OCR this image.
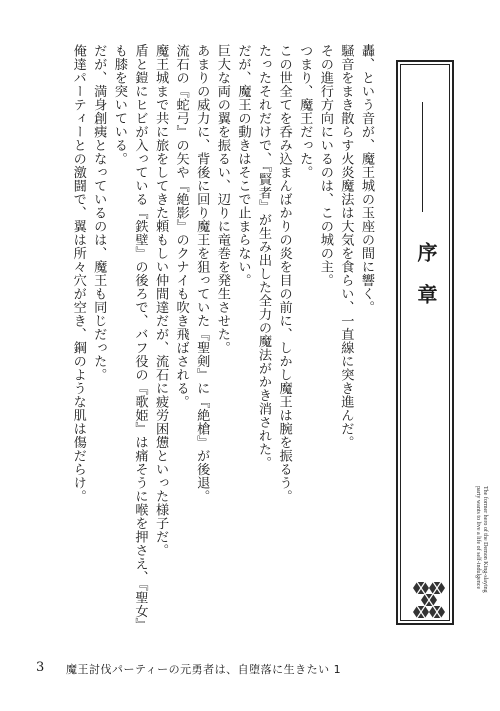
轟、という音が、魔王城の玉座の間に響く。
騒音をまき散らす火炎魔法は大気を食らい、一直線に突き進んだ。
その進行方向にいるのは、この城の主。
つまり、魔王だった。
この世全てを呑み込まんばかりの炎を目の前に、しかし魔王は腕を振るう。
たったそれだけで、『賢者』が生み出した全力の魔法がかき消された。
だが、魔王の動きはそこで止まらない。
巨大な両の翼を振るい、辺りに竜巻を発生させた。
あまりの威力に、背後に回り魔王を狙っていた『聖剣』に『絶槍』が後退。
流石の『蛇弓』の矢や『絶影』のクナイも吹き飛ばされる。
魔王城まで共に旅をしてきた頼もしい仲間達だが、流石に疲労困憊といった様子だ。
盾と鎧にヒビが入っている『鉄壁』の後ろで、バフ役の『歌姫』は痛そうに喉を押さえ、『聖女』
も膝を突いている。
だが、満身創痍となっているのは、魔王も同じだった。
俺達パーティーとの激闘で、翼は所々穴が空き、鋼のような肌は傷だらけ。	序章
The former hero of the Demon King-slaying
party wants to live a life of self-indulgence
3 魔王討伐パーティーの元勇者は、自堕落に生きたい 1
